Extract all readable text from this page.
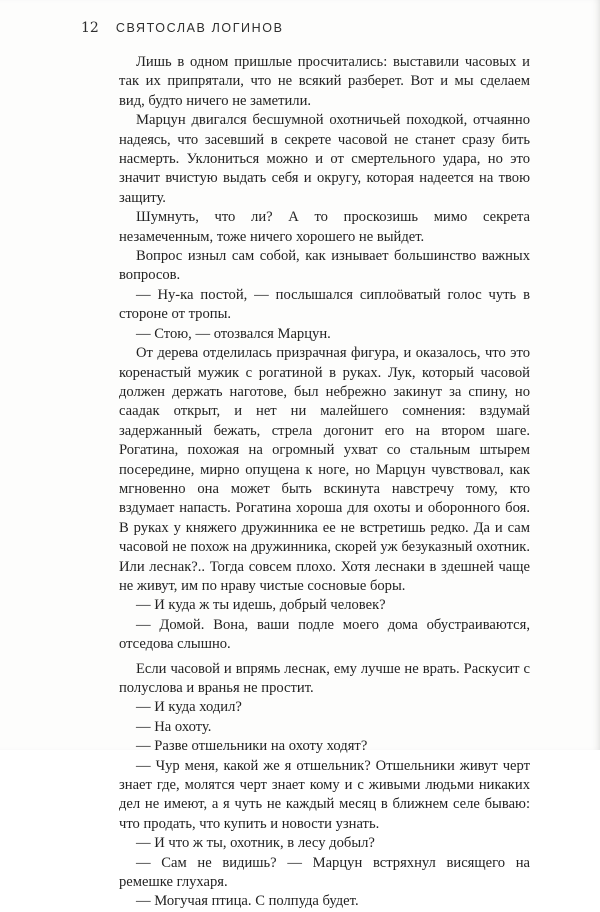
12 СВЯТОСЛАВ ЛОГИНОВ

Лишь в одном пришлые просчитались: выставили часовых и так их припрятали, что не всякий разберет. Вот и мы сделаем вид, будто ничего не заметили.

Марцун двигался бесшумной охотничьей походкой, отчаянно надеясь, что засевший в секрете часовой не станет сразу бить насмерть. Уклониться можно и от смертельного удара, но это значит вчистую выдать себя и округу, которая надеется на твою защиту.

Шумнуть, что ли? А то проскозишь мимо секрета незамеченным, тоже ничего хорошего не выйдет.

Вопрос изныл сам собой, как изнывает большинство важных вопросов.

— Ну-ка постой, — послышался сиплоӧватый голос чуть в стороне от тропы.

— Стою, — отозвался Марцун.

От дерева отделилась призрачная фигура, и оказалось, что это коренастый мужик с рогатиной в руках. Лук, который часовой должен держать наготове, был небрежно закинут за спину, но саадак открыт, и нет ни малейшего сомнения: вздумай задержанный бежать, стрела догонит его на втором шаге. Рогатина, похожая на огромный ухват со стальным штырем посередине, мирно опущена к ноге, но Марцун чувствовал, как мгновенно она может быть вскинута навстречу тому, кто вздумает напасть. Рогатина хороша для охоты и оборонного боя. В руках у княжего дружинника ее не встретишь редко. Да и сам часовой не похож на дружинника, скорей уж безуказный охотник. Или леснак?.. Тогда совсем плохо. Хотя леснаки в здешней чаще не живут, им по нраву чистые сосновые боры.

— И куда ж ты идешь, добрый человек?

— Домой. Вона, ваши подле моего дома обустраиваются, отседова слышно.

Если часовой и впрямь леснак, ему лучше не врать. Раскусит с полуслова и вранья не простит.

— И куда ходил?

— На охоту.

— Разве отшельники на охоту ходят?

— Чур меня, какой же я отшельник? Отшельники живут черт знает где, молятся черт знает кому и с живыми людьми никаких дел не имеют, а я чуть не каждый месяц в ближнем селе бываю: что продать, что купить и новости узнать.

— И что ж ты, охотник, в лесу добыл?

— Сам не видишь? — Марцун встряхнул висящего на ремешке глухаря.

— Могучая птица. С полпуда будет.
